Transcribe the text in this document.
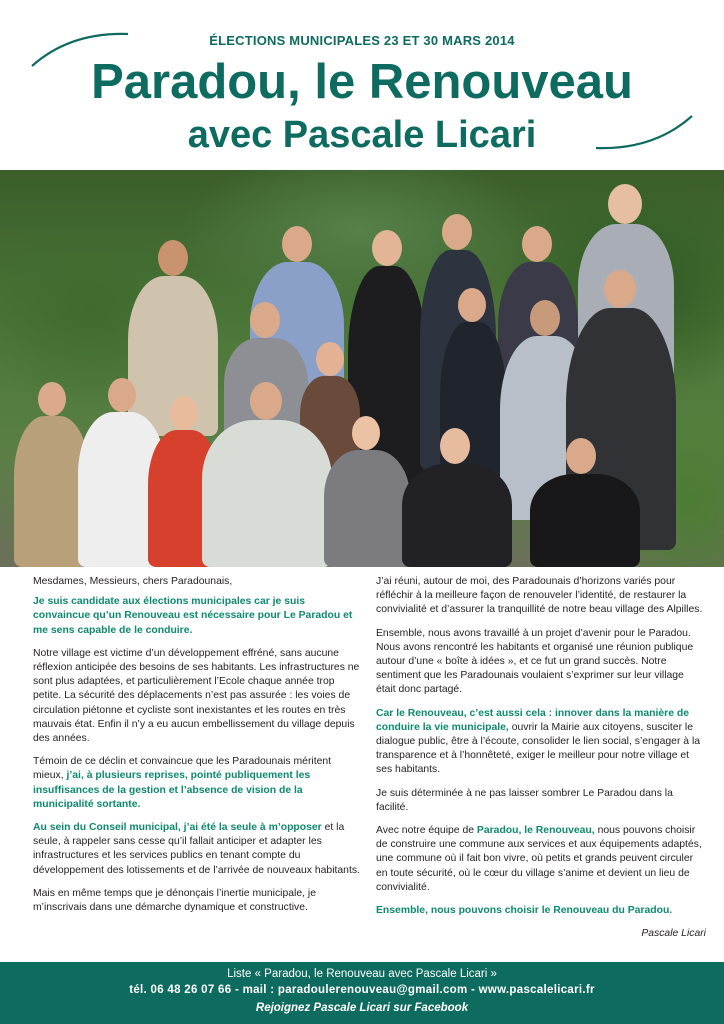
ÉLECTIONS MUNICIPALES 23 ET 30 MARS 2014
Paradou, le Renouveau
avec Pascale Licari

Mesdames, Messieurs, chers Paradounais,

Je suis candidate aux élections municipales car je suis convaincue qu’un Renouveau est nécessaire pour Le Paradou et me sens capable de le conduire.

Notre village est victime d’un développement effréné, sans aucune réflexion anticipée des besoins de ses habitants. Les infrastructures ne sont plus adaptées, et particulièrement l’Ecole chaque année trop petite. La sécurité des déplacements n’est pas assurée : les voies de circulation piétonne et cycliste sont inexistantes et les routes en très mauvais état. Enfin il n’y a eu aucun embellissement du village depuis des années.

Témoin de ce déclin et convaincue que les Paradounais méritent mieux, j’ai, à plusieurs reprises, pointé publiquement les insuffisances de la gestion et l’absence de vision de la municipalité sortante.

Au sein du Conseil municipal, j’ai été la seule à m’opposer et la seule, à rappeler sans cesse qu’il fallait anticiper et adapter les infrastructures et les services publics en tenant compte du développement des lotissements et de l’arrivée de nouveaux habitants.

Mais en même temps que je dénonçais l’inertie municipale, je m’inscrivais dans une démarche dynamique et constructive.

J’ai réuni, autour de moi, des Paradounais d’horizons variés pour réfléchir à la meilleure façon de renouveler l’identité, de restaurer la convivialité et d’assurer la tranquillité de notre beau village des Alpilles.

Ensemble, nous avons travaillé à un projet d’avenir pour le Paradou. Nous avons rencontré les habitants et organisé une réunion publique autour d’une « boîte à idées », et ce fut un grand succès. Notre sentiment que les Paradounais voulaient s’exprimer sur leur village était donc partagé.

Car le Renouveau, c’est aussi cela : innover dans la manière de conduire la vie municipale, ouvrir la Mairie aux citoyens, susciter le dialogue public, être à l’écoute, consolider le lien social, s’engager à la transparence et à l’honnêteté, exiger le meilleur pour notre village et ses habitants.

Je suis déterminée à ne pas laisser sombrer Le Paradou dans la facilité.

Avec notre équipe de Paradou, le Renouveau, nous pouvons choisir de construire une commune aux services et aux équipements adaptés, une commune où il fait bon vivre, où petits et grands peuvent circuler en toute sécurité, où le cœur du village s’anime et devient un lieu de convivialité.

Ensemble, nous pouvons choisir le Renouveau du Paradou.

Pascale Licari

Liste « Paradou, le Renouveau avec Pascale Licari »
tél. 06 48 26 07 66 - mail : paradoulerenouveau@gmail.com - www.pascalelicari.fr
Rejoignez Pascale Licari sur Facebook
